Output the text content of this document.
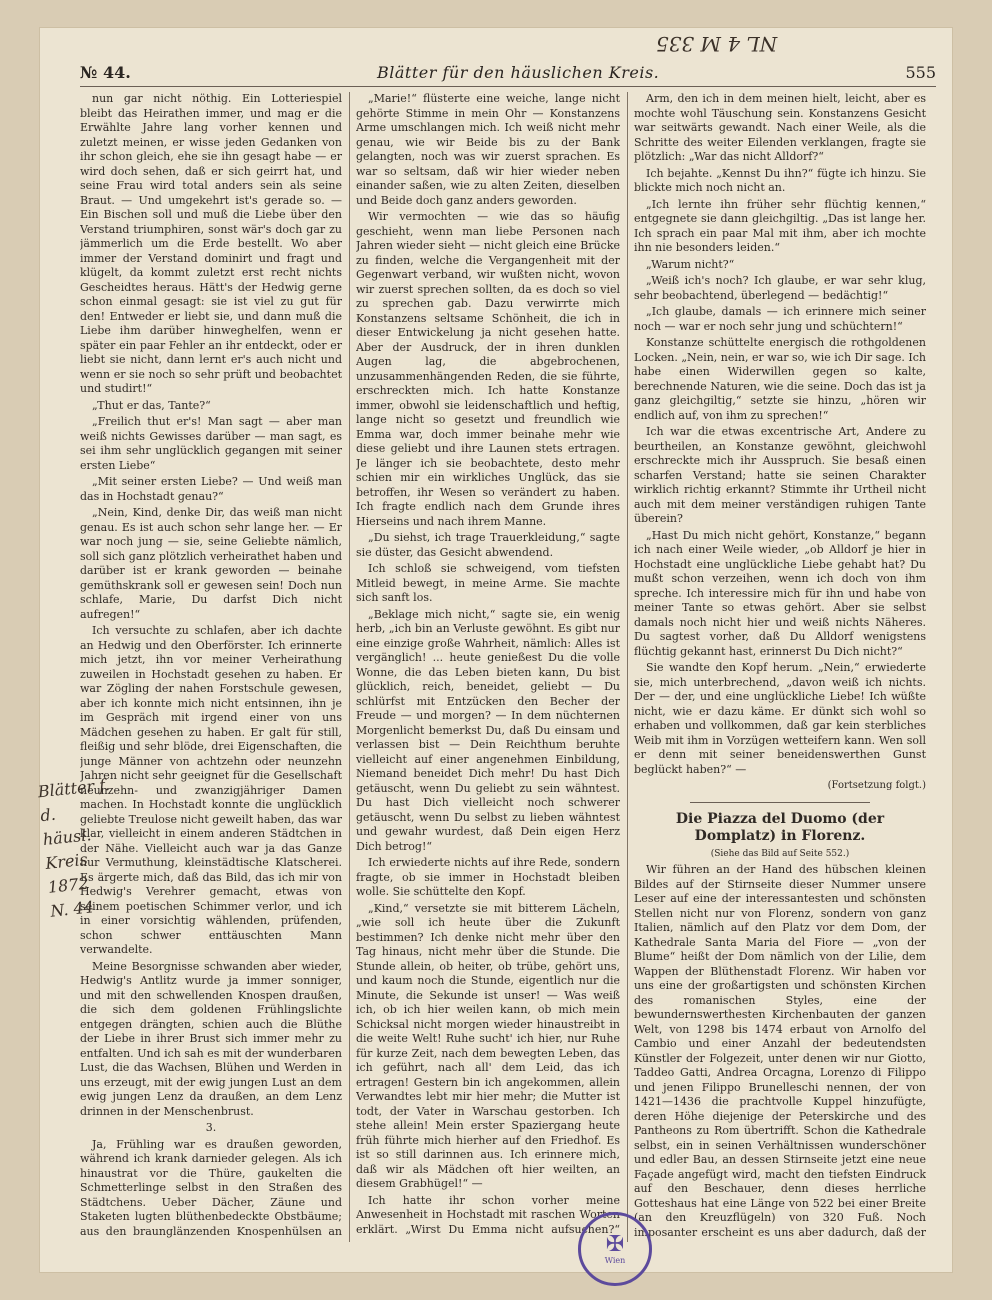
NL 4 M 335
№ 44.	Blätter für den häuslichen Kreis.	555

nun gar nicht nöthig. Ein Lotteriespiel bleibt das Heirathen immer, und mag er die Erwählte Jahre lang vorher kennen und zuletzt meinen, er wisse jeden Gedanken von ihr schon gleich, ehe sie ihn gesagt habe — er wird doch sehen, daß er sich geirrt hat, und seine Frau wird total anders sein als seine Braut. — Und umgekehrt ist's gerade so. — Ein Bischen soll und muß die Liebe über den Verstand triumphiren, sonst wär's doch gar zu jämmerlich um die Erde bestellt. Wo aber immer der Verstand dominirt und fragt und klügelt, da kommt zuletzt erst recht nichts Gescheidtes heraus. Hätt's der Hedwig gerne schon einmal gesagt: sie ist viel zu gut für den! Entweder er liebt sie, und dann muß die Liebe ihm darüber hinweghelfen, wenn er später ein paar Fehler an ihr entdeckt, oder er liebt sie nicht, dann lernt er's auch nicht und wenn er sie noch so sehr prüft und beobachtet und studirt!“

„Thut er das, Tante?“

„Freilich thut er's! Man sagt — aber man weiß nichts Gewisses darüber — man sagt, es sei ihm sehr unglücklich gegangen mit seiner ersten Liebe“

„Mit seiner ersten Liebe? — Und weiß man das in Hochstadt genau?“

„Nein, Kind, denke Dir, das weiß man nicht genau. Es ist auch schon sehr lange her. — Er war noch jung — sie, seine Geliebte nämlich, soll sich ganz plötzlich verheirathet haben und darüber ist er krank geworden — beinahe gemüthskrank soll er gewesen sein! Doch nun schlafe, Marie, Du darfst Dich nicht aufregen!“

Ich versuchte zu schlafen, aber ich dachte an Hedwig und den Oberförster. Ich erinnerte mich jetzt, ihn vor meiner Verheirathung zuweilen in Hochstadt gesehen zu haben. Er war Zögling der nahen Forstschule gewesen, aber ich konnte mich nicht entsinnen, ihn je im Gespräch mit irgend einer von uns Mädchen gesehen zu haben. Er galt für still, fleißig und sehr blöde, drei Eigenschaften, die junge Männer von achtzehn oder neunzehn Jahren nicht sehr geeignet für die Gesellschaft neunzehn- und zwanzigjähriger Damen machen. In Hochstadt konnte die unglücklich geliebte Treulose nicht geweilt haben, das war klar, vielleicht in einem anderen Städtchen in der Nähe. Vielleicht auch war ja das Ganze nur Vermuthung, kleinstädtische Klatscherei. Es ärgerte mich, daß das Bild, das ich mir von Hedwig's Verehrer gemacht, etwas von seinem poetischen Schimmer verlor, und ich in einer vorsichtig wählenden, prüfenden, schon schwer enttäuschten Mann verwandelte.

Meine Besorgnisse schwanden aber wieder, Hedwig's Antlitz wurde ja immer sonniger, und mit den schwellenden Knospen draußen, die sich dem goldenen Frühlingslichte entgegen drängten, schien auch die Blüthe der Liebe in ihrer Brust sich immer mehr zu entfalten. Und ich sah es mit der wunderbaren Lust, die das Wachsen, Blühen und Werden in uns erzeugt, mit der ewig jungen Lust an dem ewig jungen Lenz da draußen, an dem Lenz drinnen in der Menschenbrust.

3.

Ja, Frühling war es draußen geworden, während ich krank darnieder gelegen. Als ich hinaustrat vor die Thüre, gaukelten die Schmetterlinge selbst in den Straßen des Städtchens. Ueber Dächer, Zäune und Staketen lugten blüthenbedeckte Obstbäume; aus den braunglänzenden Knospenhülsen an

„Marie!“ flüsterte eine weiche, lange nicht gehörte Stimme in mein Ohr — Konstanzens Arme umschlangen mich. Ich weiß nicht mehr genau, wie wir Beide bis zu der Bank gelangten, noch was wir zuerst sprachen. Es war so seltsam, daß wir hier wieder neben einander saßen, wie zu alten Zeiten, dieselben und Beide doch ganz anders geworden.

Wir vermochten — wie das so häufig geschieht, wenn man liebe Personen nach Jahren wieder sieht — nicht gleich eine Brücke zu finden, welche die Vergangenheit mit der Gegenwart verband, wir wußten nicht, wovon wir zuerst sprechen sollten, da es doch so viel zu sprechen gab. Dazu verwirrte mich Konstanzens seltsame Schönheit, die ich in dieser Entwickelung ja nicht gesehen hatte. Aber der Ausdruck, der in ihren dunklen Augen lag, die abgebrochenen, unzusammenhängenden Reden, die sie führte, erschreckten mich. Ich hatte Konstanze immer, obwohl sie leidenschaftlich und heftig, lange nicht so gesetzt und freundlich wie Emma war, doch immer beinahe mehr wie diese geliebt und ihre Launen stets ertragen. Je länger ich sie beobachtete, desto mehr schien mir ein wirkliches Unglück, das sie betroffen, ihr Wesen so verändert zu haben. Ich fragte endlich nach dem Grunde ihres Hierseins und nach ihrem Manne.

„Du siehst, ich trage Trauerkleidung,“ sagte sie düster, das Gesicht abwendend.

Ich schloß sie schweigend, vom tiefsten Mitleid bewegt, in meine Arme. Sie machte sich sanft los.

„Beklage mich nicht,“ sagte sie, ein wenig herb, „ich bin an Verluste gewöhnt. Es gibt nur eine einzige große Wahrheit, nämlich: Alles ist vergänglich! ... heute genießest Du die volle Wonne, die das Leben bieten kann, Du bist glücklich, reich, beneidet, geliebt — Du schlürfst mit Entzücken den Becher der Freude — und morgen? — In dem nüchternen Morgenlicht bemerkst Du, daß Du einsam und verlassen bist — Dein Reichthum beruhte vielleicht auf einer angenehmen Einbildung, Niemand beneidet Dich mehr! Du hast Dich getäuscht, wenn Du geliebt zu sein wähntest. Du hast Dich vielleicht noch schwerer getäuscht, wenn Du selbst zu lieben wähntest und gewahr wurdest, daß Dein eigen Herz Dich betrog!“

Ich erwiederte nichts auf ihre Rede, sondern fragte, ob sie immer in Hochstadt bleiben wolle. Sie schüttelte den Kopf.

„Kind,“ versetzte sie mit bitterem Lächeln, „wie soll ich heute über die Zukunft bestimmen? Ich denke nicht mehr über den Tag hinaus, nicht mehr über die Stunde. Die Stunde allein, ob heiter, ob trübe, gehört uns, und kaum noch die Stunde, eigentlich nur die Minute, die Sekunde ist unser! — Was weiß ich, ob ich hier weilen kann, ob mich mein Schicksal nicht morgen wieder hinaustreibt in die weite Welt! Ruhe sucht' ich hier, nur Ruhe für kurze Zeit, nach dem bewegten Leben, das ich geführt, nach all' dem Leid, das ich ertragen! Gestern bin ich angekommen, allein Verwandtes lebt mir hier mehr; die Mutter ist todt, der Vater in Warschau gestorben. Ich stehe allein! Mein erster Spaziergang heute früh führte mich hierher auf den Friedhof. Es ist so still darinnen aus. Ich erinnere mich, daß wir als Mädchen oft hier weilten, an diesem Grabhügel!“ —

Ich hatte ihr schon vorher meine Anwesenheit in Hochstadt mit raschen Worten erklärt. „Wirst Du Emma nicht aufsuchen?“

Arm, den ich in dem meinen hielt, leicht, aber es mochte wohl Täuschung sein. Konstanzens Gesicht war seitwärts gewandt. Nach einer Weile, als die Schritte des weiter Eilenden verklangen, fragte sie plötzlich: „War das nicht Alldorf?“

Ich bejahte. „Kennst Du ihn?“ fügte ich hinzu. Sie blickte mich noch nicht an.

„Ich lernte ihn früher sehr flüchtig kennen,“ entgegnete sie dann gleichgiltig. „Das ist lange her. Ich sprach ein paar Mal mit ihm, aber ich mochte ihn nie besonders leiden.“

„Warum nicht?“

„Weiß ich's noch? Ich glaube, er war sehr klug, sehr beobachtend, überlegend — bedächtig!“

„Ich glaube, damals — ich erinnere mich seiner noch — war er noch sehr jung und schüchtern!“

Konstanze schüttelte energisch die rothgoldenen Locken. „Nein, nein, er war so, wie ich Dir sage. Ich habe einen Widerwillen gegen so kalte, berechnende Naturen, wie die seine. Doch das ist ja ganz gleichgiltig,“ setzte sie hinzu, „hören wir endlich auf, von ihm zu sprechen!“

Ich war die etwas excentrische Art, Andere zu beurtheilen, an Konstanze gewöhnt, gleichwohl erschreckte mich ihr Ausspruch. Sie besaß einen scharfen Verstand; hatte sie seinen Charakter wirklich richtig erkannt? Stimmte ihr Urtheil nicht auch mit dem meiner verständigen ruhigen Tante überein?

„Hast Du mich nicht gehört, Konstanze,“ begann ich nach einer Weile wieder, „ob Alldorf je hier in Hochstadt eine unglückliche Liebe gehabt hat? Du mußt schon verzeihen, wenn ich doch von ihm spreche. Ich interessire mich für ihn und habe von meiner Tante so etwas gehört. Aber sie selbst damals noch nicht hier und weiß nichts Näheres. Du sagtest vorher, daß Du Alldorf wenigstens flüchtig gekannt hast, erinnerst Du Dich nicht?“

Sie wandte den Kopf herum. „Nein,“ erwiederte sie, mich unterbrechend, „davon weiß ich nichts. Der — der, und eine unglückliche Liebe! Ich wüßte nicht, wie er dazu käme. Er dünkt sich wohl so erhaben und vollkommen, daß gar kein sterbliches Weib mit ihm in Vorzügen wetteifern kann. Wen soll er denn mit seiner beneidenswerthen Gunst beglückt haben?“ —

(Fortsetzung folgt.)

Die Piazza del Duomo (der Domplatz) in Florenz.

(Siehe das Bild auf Seite 552.)

Wir führen an der Hand des hübschen kleinen Bildes auf der Stirnseite dieser Nummer unsere Leser auf eine der interessantesten und schönsten Stellen nicht nur von Florenz, sondern von ganz Italien, nämlich auf den Platz vor dem Dom, der Kathedrale Santa Maria del Fiore — „von der Blume“ heißt der Dom nämlich von der Lilie, dem Wappen der Blüthenstadt Florenz. Wir haben vor uns eine der großartigsten und schönsten Kirchen des romanischen Styles, eine der bewundernswerthesten Kirchenbauten der ganzen Welt, von 1298 bis 1474 erbaut von Arnolfo del Cambio und einer Anzahl der bedeutendsten Künstler der Folgezeit, unter denen wir nur Giotto, Taddeo Gatti, Andrea Orcagna, Lorenzo di Filippo und jenen Filippo Brunelleschi nennen, der von 1421—1436 die prachtvolle Kuppel hinzufügte, deren Höhe diejenige der Peterskirche und des Pantheons zu Rom übertrifft. Schon die Kathedrale selbst, ein in seinen Verhältnissen wunderschöner und edler Bau, an dessen Stirnseite jetzt eine neue Façade angefügt wird, macht den tiefsten Eindruck auf den Beschauer, denn dieses herrliche Gotteshaus hat eine Länge von 522 bei einer Breite (an den Kreuzflügeln) von 320 Fuß. Noch imposanter erscheint es uns aber dadurch, daß der

Blätter f. d.
häusl.
Kreis
1872
N. 44
✠
Wien
